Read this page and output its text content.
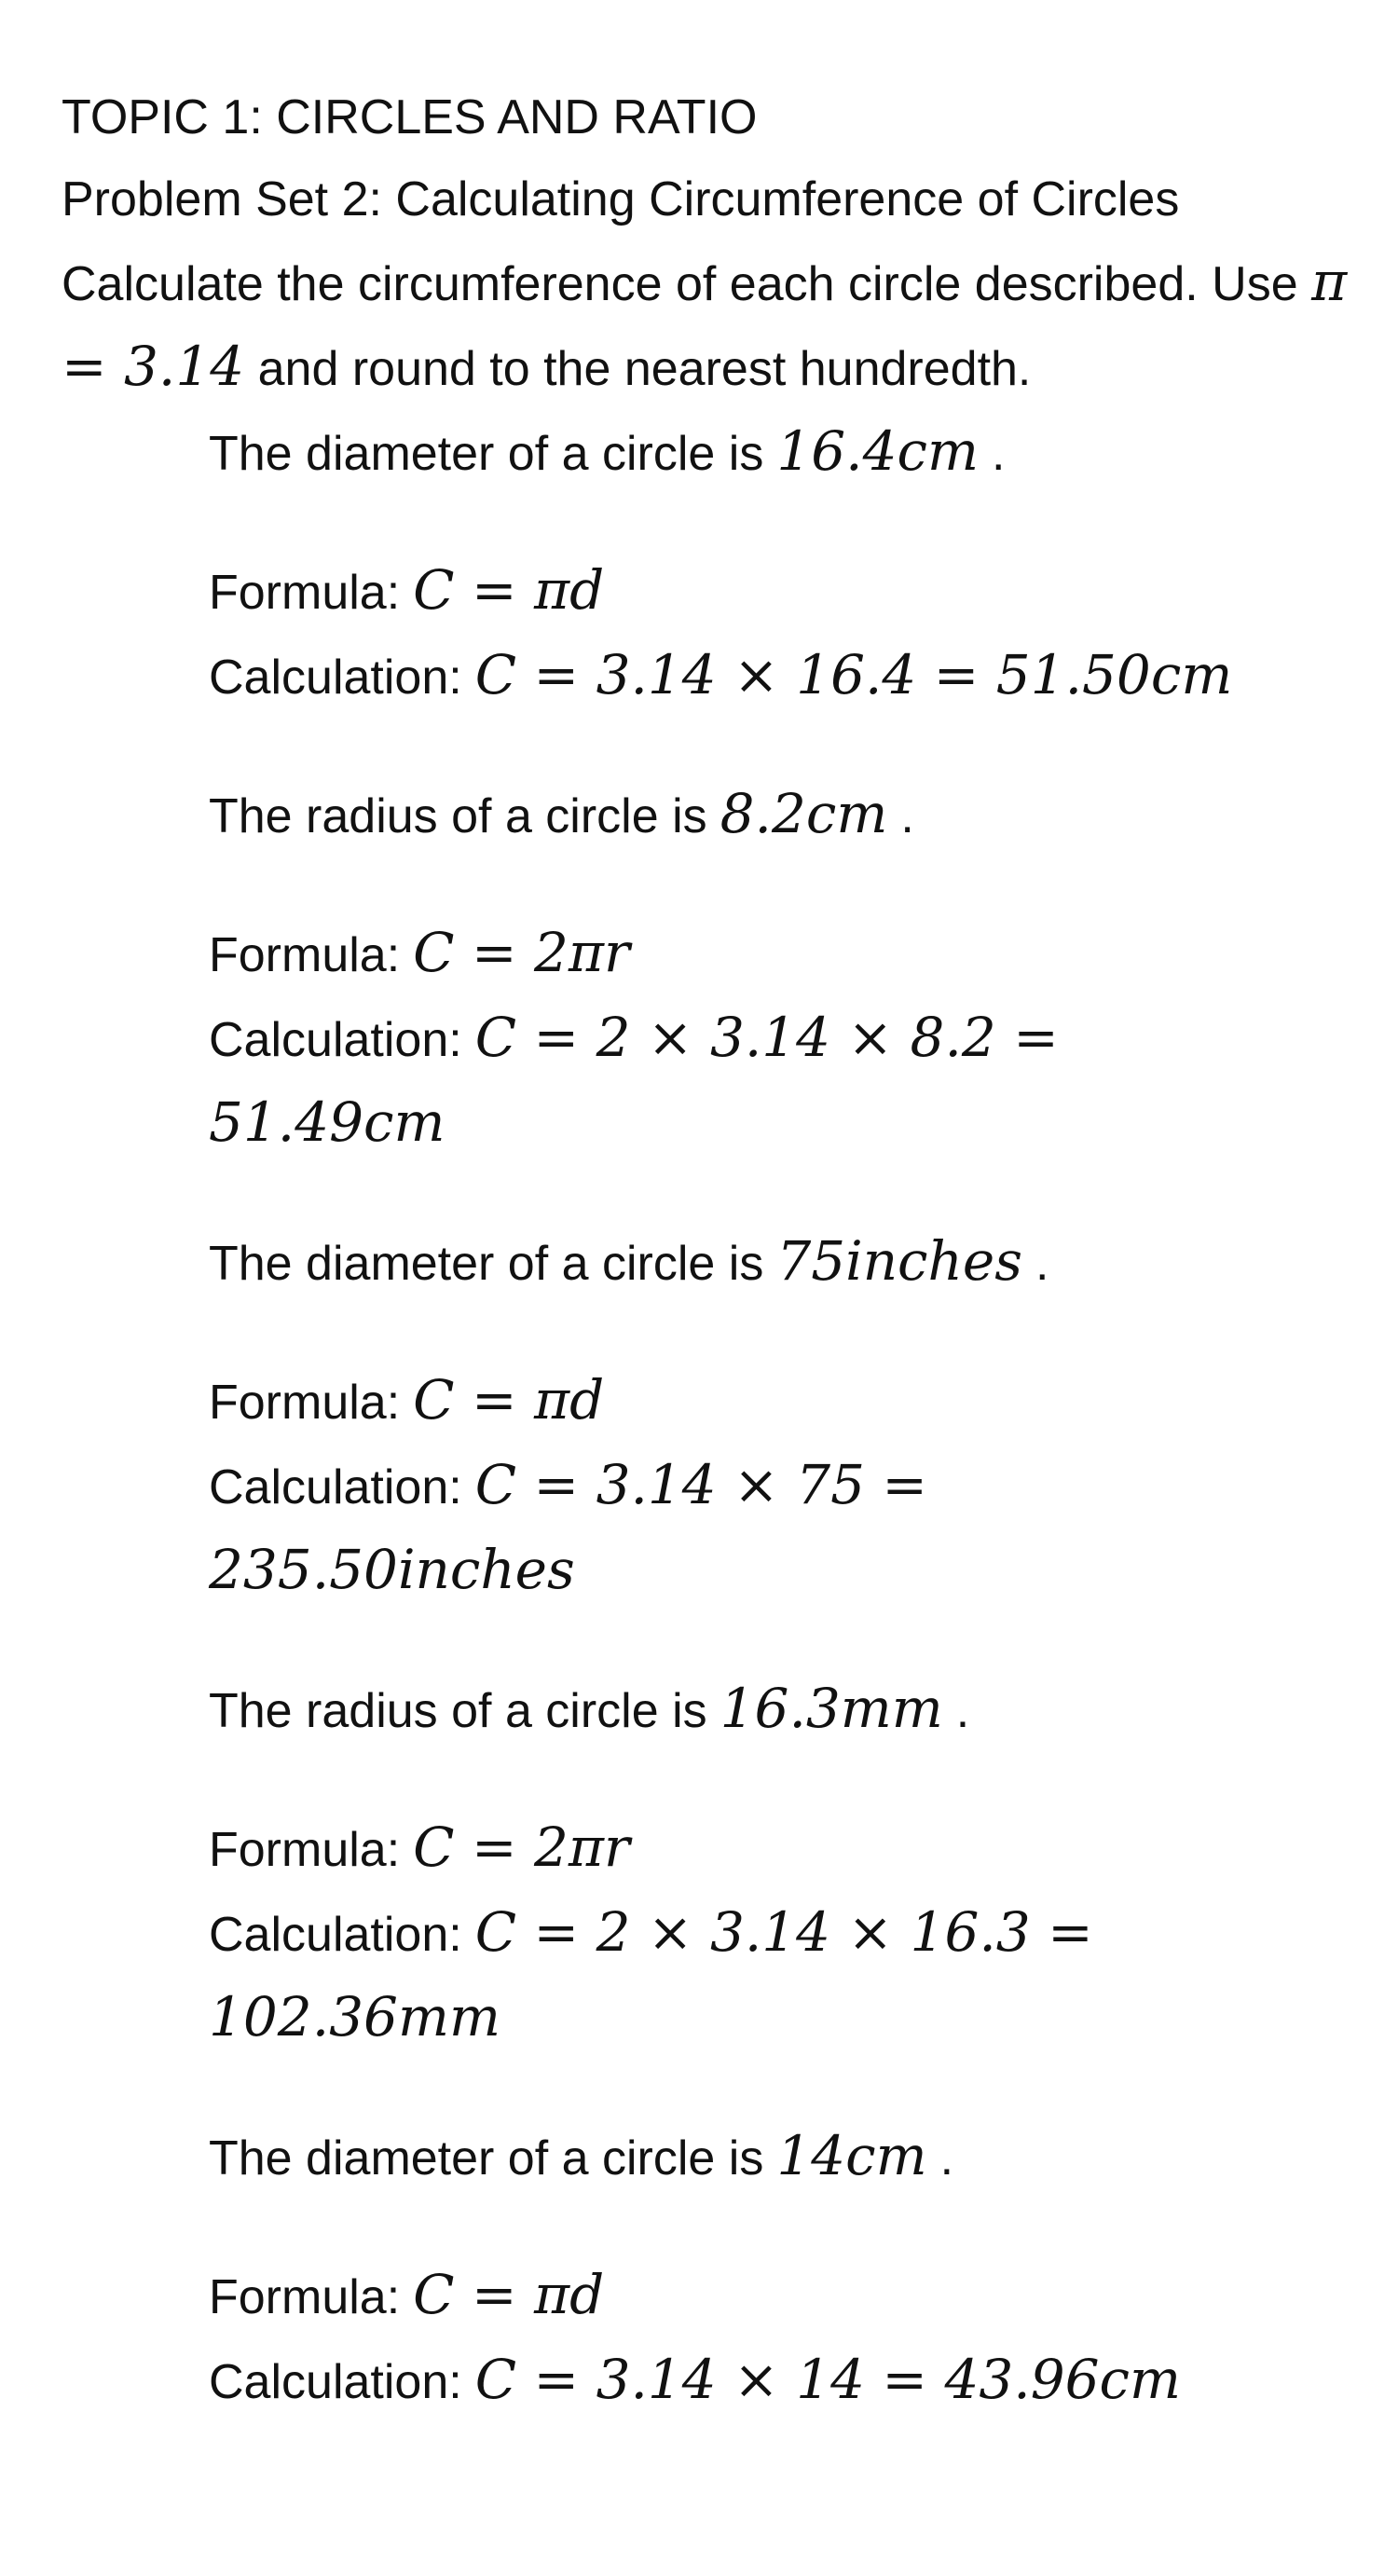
TOPIC 1: CIRCLES AND RATIO
Problem Set 2: Calculating Circumference of Circles
Calculate the circumference of each circle described. Use π = 3.14 and round to the nearest hundredth.
The diameter of a circle is 16.4cm .
Formula: C = πd
Calculation: C = 3.14 × 16.4 = 51.50cm
The radius of a circle is 8.2cm .
Formula: C = 2πr
Calculation: C = 2 × 3.14 × 8.2 =
51.49cm
The diameter of a circle is 75inches .
Formula: C = πd
Calculation: C = 3.14 × 75 =
235.50inches
The radius of a circle is 16.3mm .
Formula: C = 2πr
Calculation: C = 2 × 3.14 × 16.3 =
102.36mm
The diameter of a circle is 14cm .
Formula: C = πd
Calculation: C = 3.14 × 14 = 43.96cm
